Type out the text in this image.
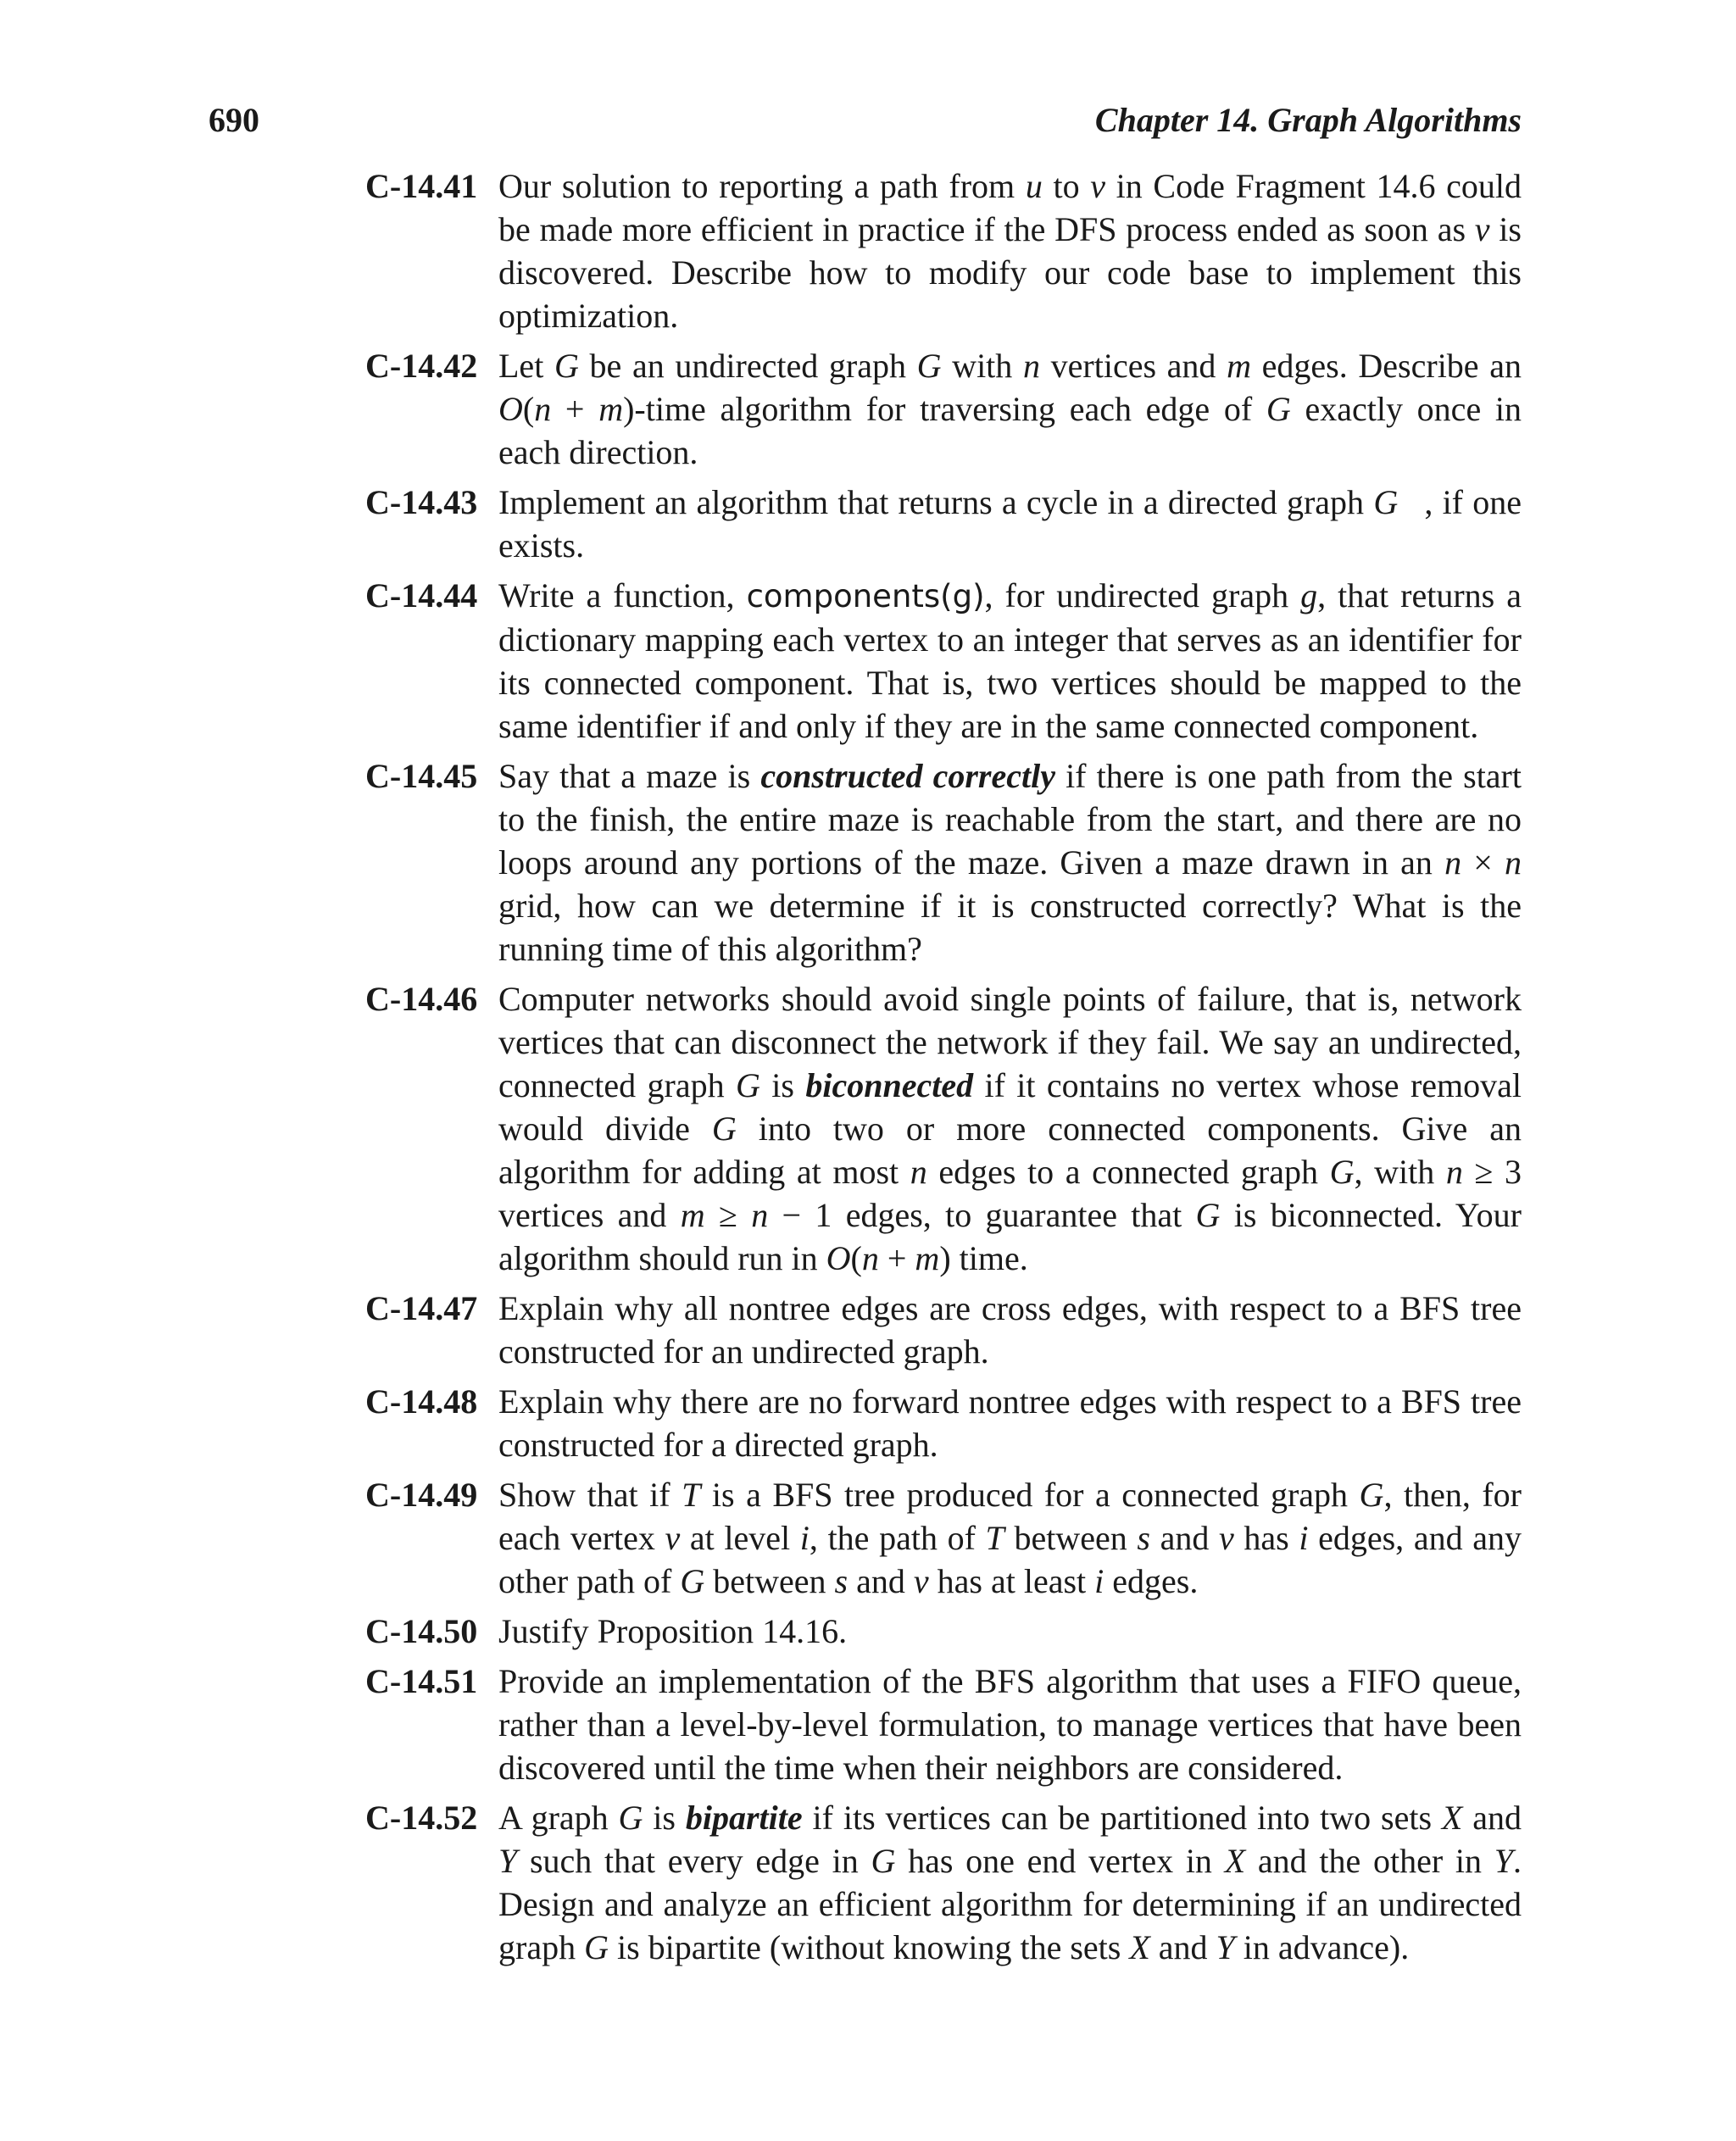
690	Chapter 14. Graph Algorithms
C-14.41 Our solution to reporting a path from u to v in Code Fragment 14.6 could be made more efficient in practice if the DFS process ended as soon as v is discovered. Describe how to modify our code base to implement this optimization.
C-14.42 Let G be an undirected graph G with n vertices and m edges. Describe an O(n + m)-time algorithm for traversing each edge of G exactly once in each direction.
C-14.43 Implement an algorithm that returns a cycle in a directed graph G⃗, if one exists.
C-14.44 Write a function, components(g), for undirected graph g, that returns a dictionary mapping each vertex to an integer that serves as an identifier for its connected component. That is, two vertices should be mapped to the same identifier if and only if they are in the same connected component.
C-14.45 Say that a maze is constructed correctly if there is one path from the start to the finish, the entire maze is reachable from the start, and there are no loops around any portions of the maze. Given a maze drawn in an n × n grid, how can we determine if it is constructed correctly? What is the running time of this algorithm?
C-14.46 Computer networks should avoid single points of failure, that is, network vertices that can disconnect the network if they fail. We say an undirected, connected graph G is biconnected if it contains no vertex whose removal would divide G into two or more connected components. Give an algorithm for adding at most n edges to a connected graph G, with n ≥ 3 vertices and m ≥ n − 1 edges, to guarantee that G is biconnected. Your algorithm should run in O(n + m) time.
C-14.47 Explain why all nontree edges are cross edges, with respect to a BFS tree constructed for an undirected graph.
C-14.48 Explain why there are no forward nontree edges with respect to a BFS tree constructed for a directed graph.
C-14.49 Show that if T is a BFS tree produced for a connected graph G, then, for each vertex v at level i, the path of T between s and v has i edges, and any other path of G between s and v has at least i edges.
C-14.50 Justify Proposition 14.16.
C-14.51 Provide an implementation of the BFS algorithm that uses a FIFO queue, rather than a level-by-level formulation, to manage vertices that have been discovered until the time when their neighbors are considered.
C-14.52 A graph G is bipartite if its vertices can be partitioned into two sets X and Y such that every edge in G has one end vertex in X and the other in Y. Design and analyze an efficient algorithm for determining if an undirected graph G is bipartite (without knowing the sets X and Y in advance).
